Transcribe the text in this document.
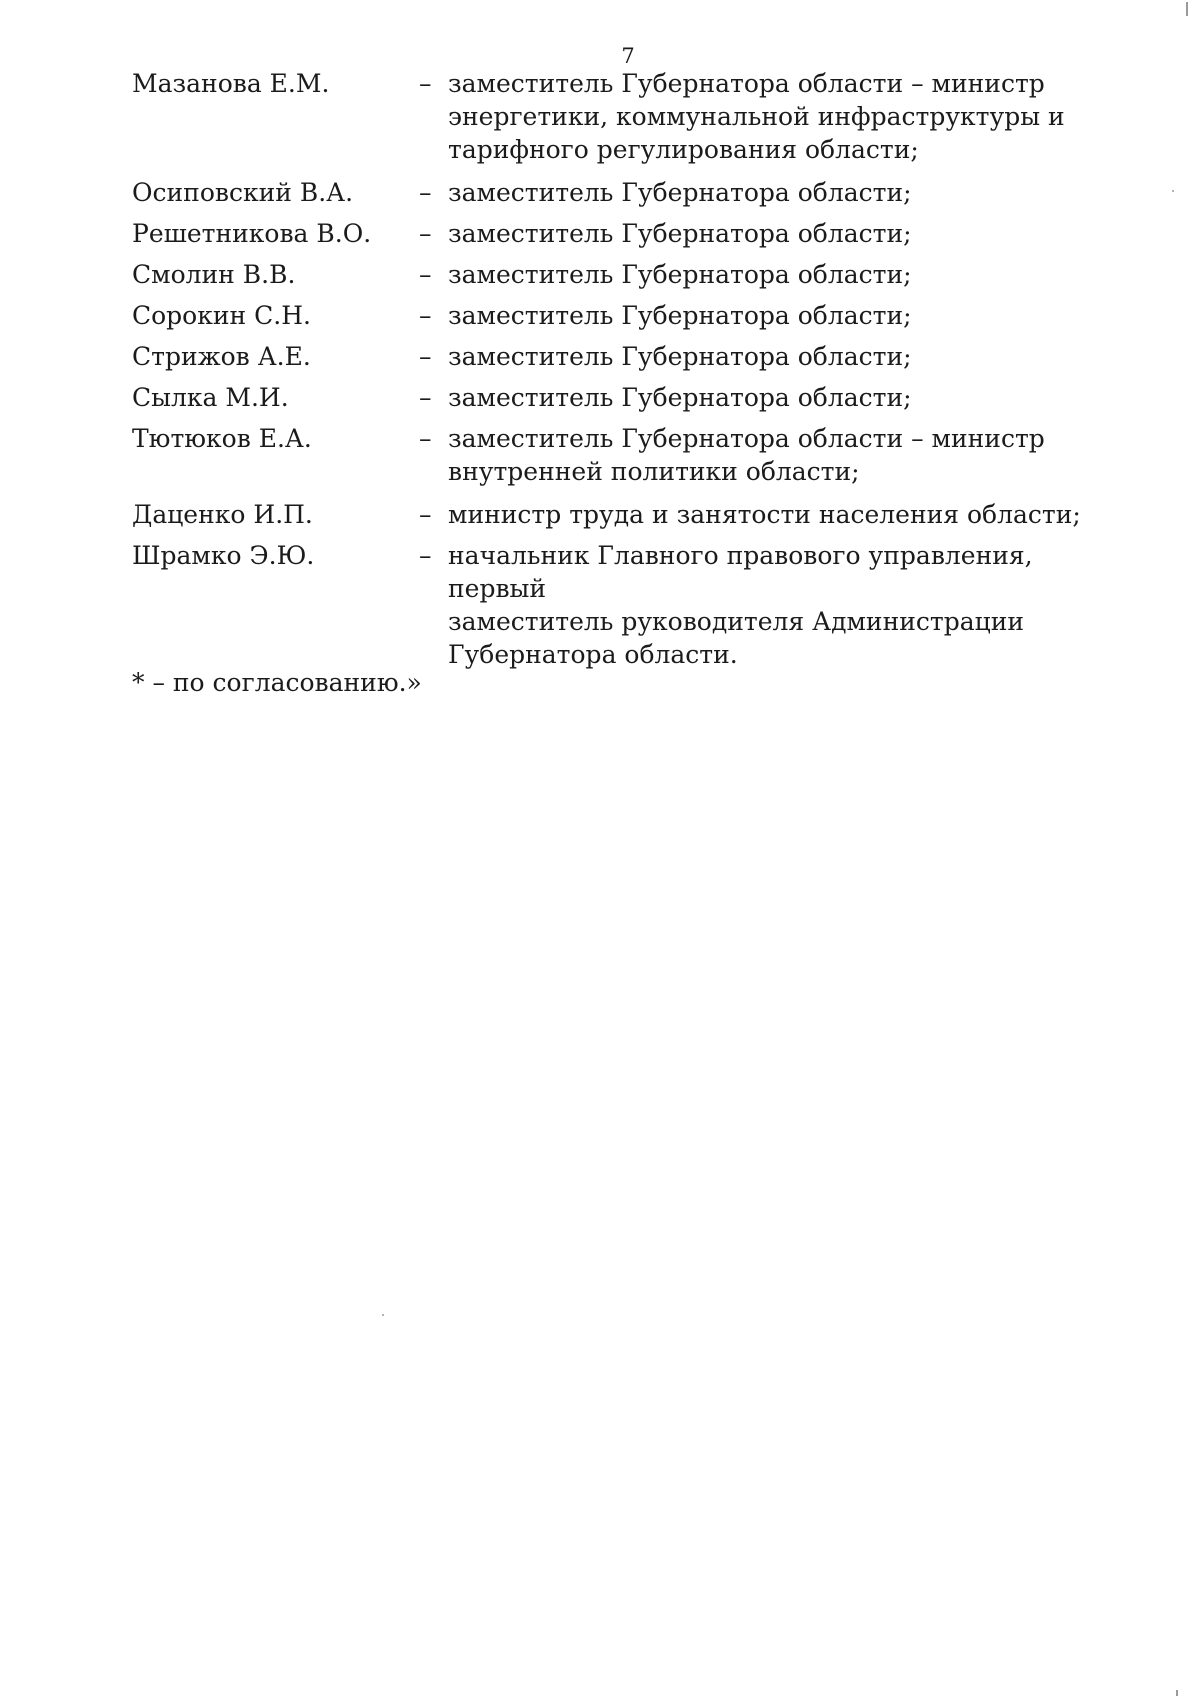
7
Мазанова Е.М.	– заместитель Губернатора области – министр
энергетики, коммунальной инфраструктуры и
тарифного регулирования области;
Осиповский В.А.	– заместитель Губернатора области;
Решетникова В.О.	– заместитель Губернатора области;
Смолин В.В.	– заместитель Губернатора области;
Сорокин С.Н.	– заместитель Губернатора области;
Стрижов А.Е.	– заместитель Губернатора области;
Сылка М.И.	– заместитель Губернатора области;
Тютюков Е.А.	– заместитель Губернатора области – министр
внутренней политики области;
Даценко И.П.	– министр труда и занятости населения области;
Шрамко Э.Ю.	– начальник Главного правового управления, первый
заместитель руководителя Администрации
Губернатора области.
* – по согласованию.»
